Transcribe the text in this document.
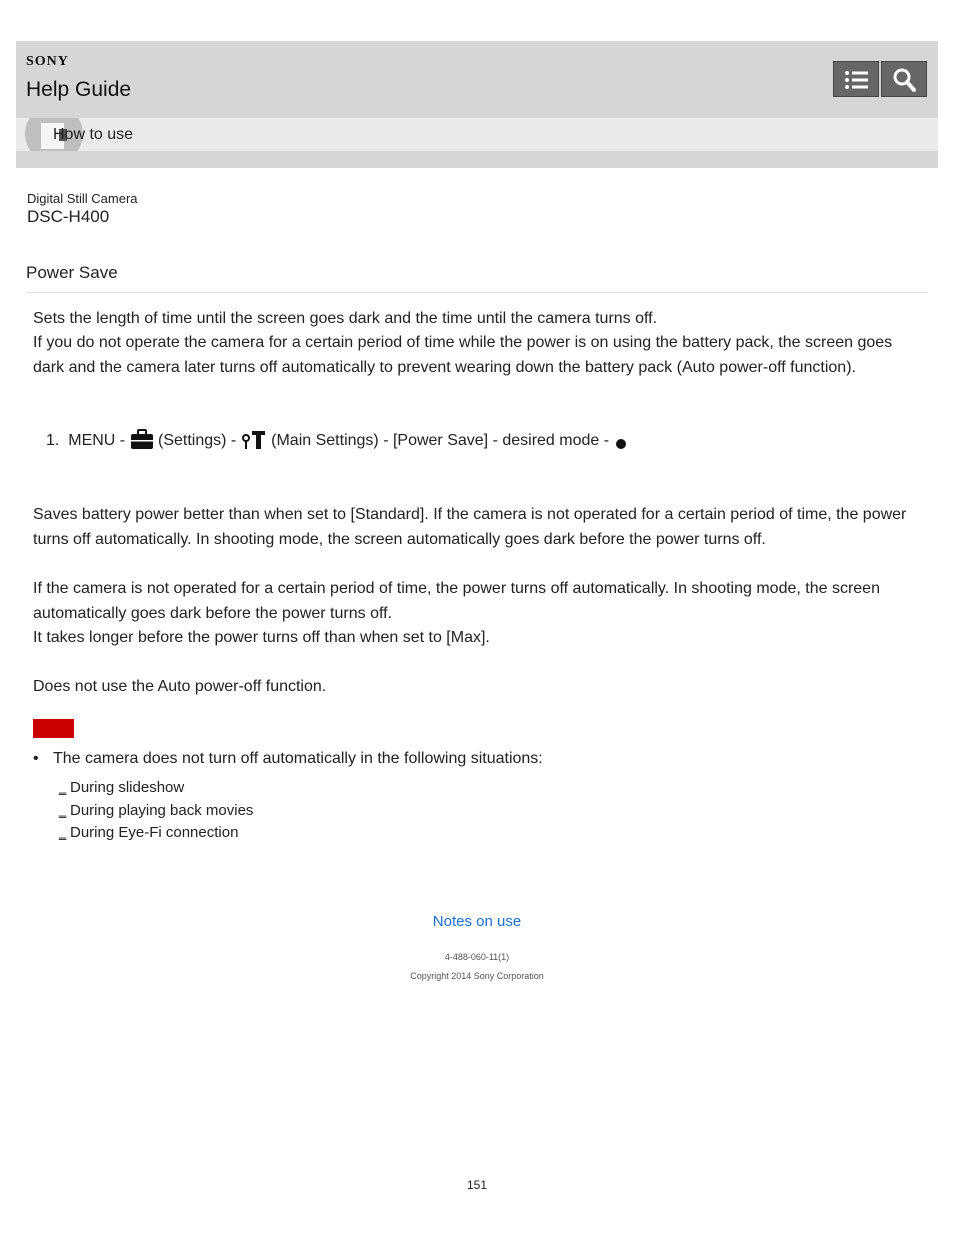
SONY
Help Guide
How to use
Digital Still Camera
DSC-H400
Power Save

Sets the length of time until the screen goes dark and the time until the camera turns off.

If you do not operate the camera for a certain period of time while the power is on using the battery pack, the screen goes dark and the camera later turns off automatically to prevent wearing down the battery pack (Auto power-off function).

1. MENU -  (Settings) -  (Main Settings) - [Power Save] - desired mode -

Saves battery power better than when set to [Standard]. If the camera is not operated for a certain period of time, the power turns off automatically. In shooting mode, the screen automatically goes dark before the power turns off.

If the camera is not operated for a certain period of time, the power turns off automatically. In shooting mode, the screen automatically goes dark before the power turns off.

It takes longer before the power turns off than when set to [Max].

Does not use the Auto power-off function.

• The camera does not turn off automatically in the following situations:
‗ During slideshow
‗ During playing back movies
‗ During Eye-Fi connection
Notes on use
4-488-060-11(1)
Copyright 2014 Sony Corporation
151
